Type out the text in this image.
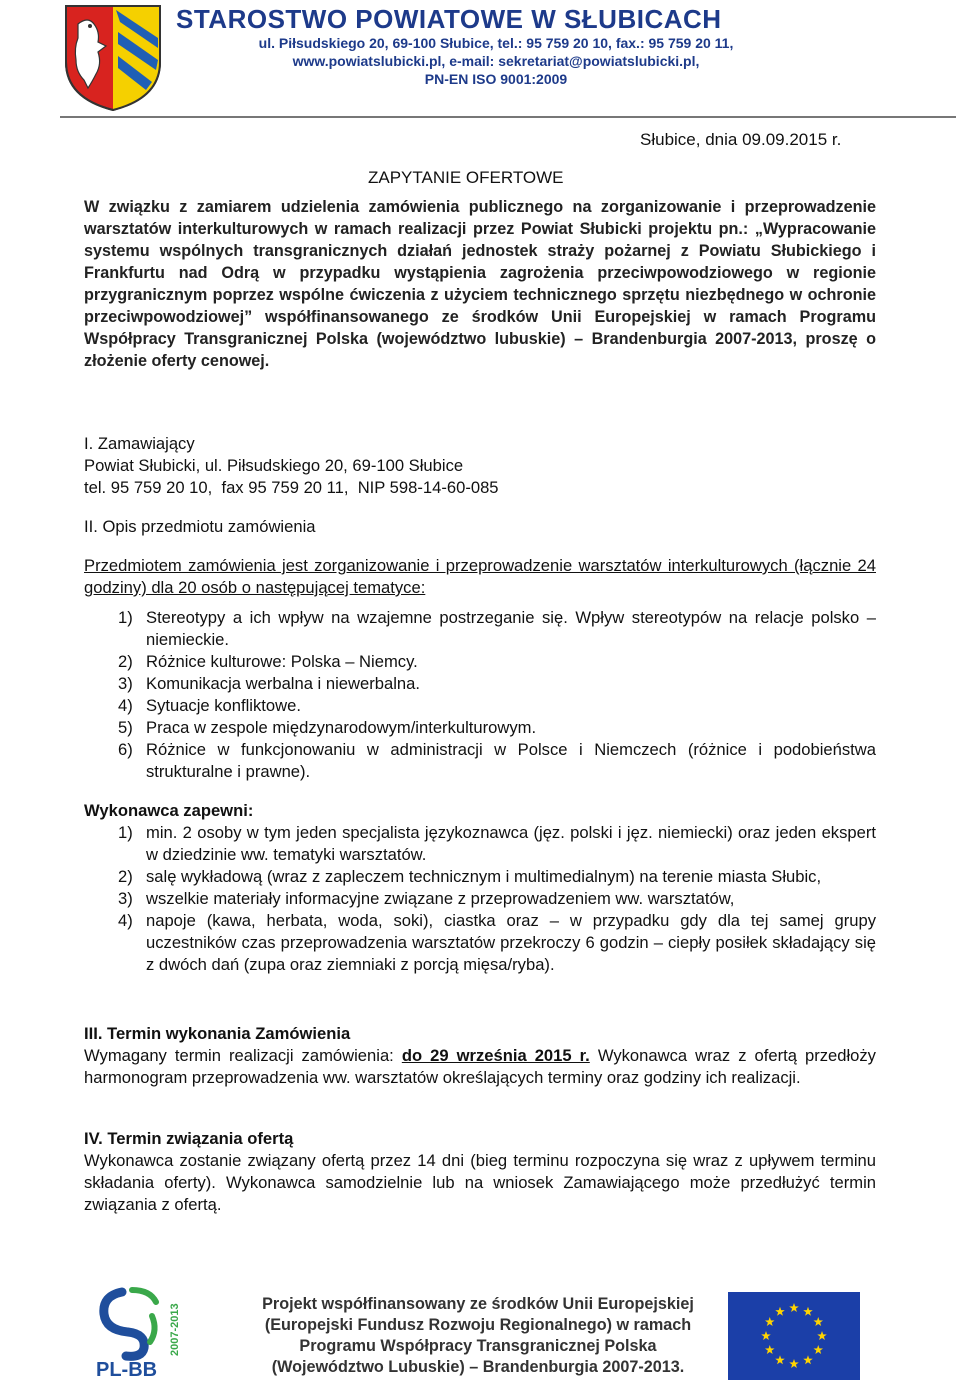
STAROSTWO POWIATOWE W SŁUBICACH
ul. Piłsudskiego 20, 69-100 Słubice, tel.: 95 759 20 10, fax.: 95 759 20 11,
www.powiatslubicki.pl, e-mail: sekretariat@powiatslubicki.pl,
PN-EN ISO 9001:2009
Słubice, dnia 09.09.2015 r.
ZAPYTANIE OFERTOWE
W związku z zamiarem udzielenia zamówienia publicznego na zorganizowanie i przeprowadzenie warsztatów interkulturowych w ramach realizacji przez Powiat Słubicki projektu pn.: „Wypracowanie systemu wspólnych transgranicznych działań jednostek straży pożarnej z Powiatu Słubickiego i Frankfurtu nad Odrą w przypadku wystąpienia zagrożenia przeciwpowodziowego w regionie przygranicznym poprzez wspólne ćwiczenia z użyciem technicznego sprzętu niezbędnego w ochronie przeciwpowodziowej” współfinansowanego ze środków Unii Europejskiej w ramach Programu Współpracy Transgranicznej Polska (województwo lubuskie) – Brandenburgia 2007-2013, proszę o złożenie oferty cenowej.
I. Zamawiający
Powiat Słubicki, ul. Piłsudskiego 20, 69-100 Słubice
tel. 95 759 20 10,  fax 95 759 20 11,  NIP 598-14-60-085
II. Opis przedmiotu zamówienia
Przedmiotem zamówienia jest zorganizowanie i przeprowadzenie warsztatów interkulturowych (łącznie 24 godziny) dla 20 osób o następującej tematyce:
1) Stereotypy a ich wpływ na wzajemne postrzeganie się. Wpływ stereotypów na relacje polsko – niemieckie.
2) Różnice kulturowe: Polska – Niemcy.
3) Komunikacja werbalna i niewerbalna.
4) Sytuacje konfliktowe.
5) Praca w zespole międzynarodowym/interkulturowym.
6) Różnice w funkcjonowaniu w administracji w Polsce i Niemczech (różnice i podobieństwa strukturalne i prawne).
Wykonawca zapewni:
1) min. 2 osoby w tym jeden specjalista językoznawca (jęz. polski i jęz. niemiecki) oraz jeden ekspert w dziedzinie ww. tematyki warsztatów.
2) salę wykładową (wraz z zapleczem technicznym i multimedialnym) na terenie miasta Słubic,
3) wszelkie materiały informacyjne związane z przeprowadzeniem ww. warsztatów,
4) napoje (kawa, herbata, woda, soki), ciastka oraz – w przypadku gdy dla tej samej grupy uczestników czas przeprowadzenia warsztatów przekroczy 6 godzin – ciepły posiłek składający się z dwóch dań (zupa oraz ziemniaki z porcją mięsa/ryba).
III. Termin wykonania Zamówienia
Wymagany termin realizacji zamówienia: do 29 września 2015 r. Wykonawca wraz z ofertą przedłoży harmonogram przeprowadzenia ww. warsztatów określających terminy oraz godziny ich realizacji.
IV. Termin związania ofertą
Wykonawca zostanie związany ofertą przez 14 dni (bieg terminu rozpoczyna się wraz z upływem terminu składania oferty). Wykonawca samodzielnie lub na wniosek Zamawiającego może przedłużyć termin związania z ofertą.
PL-BB
2007-2013	Projekt współfinansowany ze środków Unii Europejskiej
(Europejski Fundusz Rozwoju Regionalnego) w ramach
Programu Współpracy Transgranicznej Polska
(Województwo Lubuskie) – Brandenburgia 2007-2013.
